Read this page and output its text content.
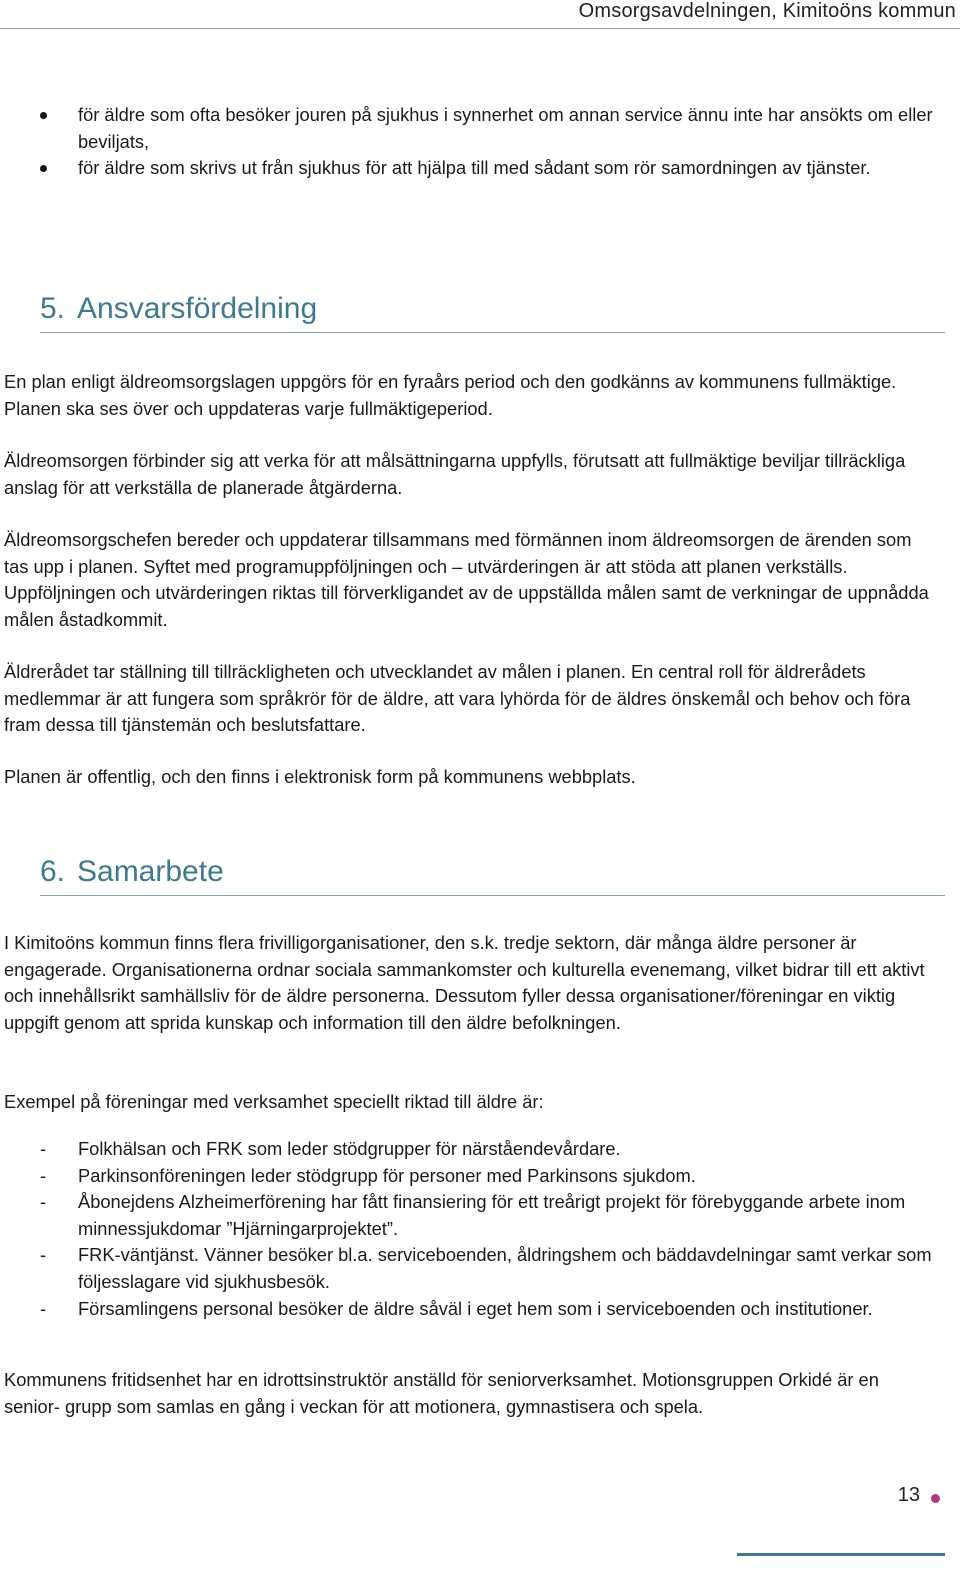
Omsorgsavdelningen, Kimitoöns kommun
för äldre som ofta besöker jouren på sjukhus i synnerhet om annan service ännu inte har ansökts om eller beviljats,
för äldre som skrivs ut från sjukhus för att hjälpa till med sådant som rör samordningen av tjänster.
5. Ansvarsfördelning

En plan enligt äldreomsorgslagen uppgörs för en fyraårs period och den godkänns av kommunens fullmäktige. Planen ska ses över och uppdateras varje fullmäktigeperiod.

Äldreomsorgen förbinder sig att verka för att målsättningarna uppfylls, förutsatt att fullmäktige beviljar tillräckliga anslag för att verkställa de planerade åtgärderna.

Äldreomsorgschefen bereder och uppdaterar tillsammans med förmännen inom äldreomsorgen de ärenden som tas upp i planen. Syftet med programuppföljningen och – utvärderingen är att stöda att planen verkställs. Uppföljningen och utvärderingen riktas till förverkligandet av de uppställda målen samt de verkningar de uppnådda målen åstadkommit.

Äldrerådet tar ställning till tillräckligheten och utvecklandet av målen i planen. En central roll för äldrerådets medlemmar är att fungera som språkrör för de äldre, att vara lyhörda för de äldres önskemål och behov och föra fram dessa till tjänstemän och beslutsfattare.

Planen är offentlig, och den finns i elektronisk form på kommunens webbplats.

6. Samarbete

I Kimitoöns kommun finns flera frivilligorganisationer, den s.k. tredje sektorn, där många äldre personer är engagerade. Organisationerna ordnar sociala sammankomster och kulturella evenemang, vilket bidrar till ett aktivt och innehållsrikt samhällsliv för de äldre personerna. Dessutom fyller dessa organisationer/föreningar en viktig uppgift genom att sprida kunskap och information till den äldre befolkningen.

Exempel på föreningar med verksamhet speciellt riktad till äldre är:

- Folkhälsan och FRK som leder stödgrupper för närståendevårdare.
- Parkinsonföreningen leder stödgrupp för personer med Parkinsons sjukdom.
- Åbonejdens Alzheimerförening har fått finansiering för ett treårigt projekt för förebyggande arbete inom minnessjukdomar ”Hjärningarprojektet”.
- FRK-väntjänst. Vänner besöker bl.a. serviceboenden, åldringshem och bäddavdelningar samt verkar som följesslagare vid sjukhusbesök.
- Församlingens personal besöker de äldre såväl i eget hem som i serviceboenden och institutioner.

Kommunens fritidsenhet har en idrottsinstruktör anställd för seniorverksamhet. Motionsgruppen Orkidé är en senior- grupp som samlas en gång i veckan för att motionera, gymnastisera och spela.

13
